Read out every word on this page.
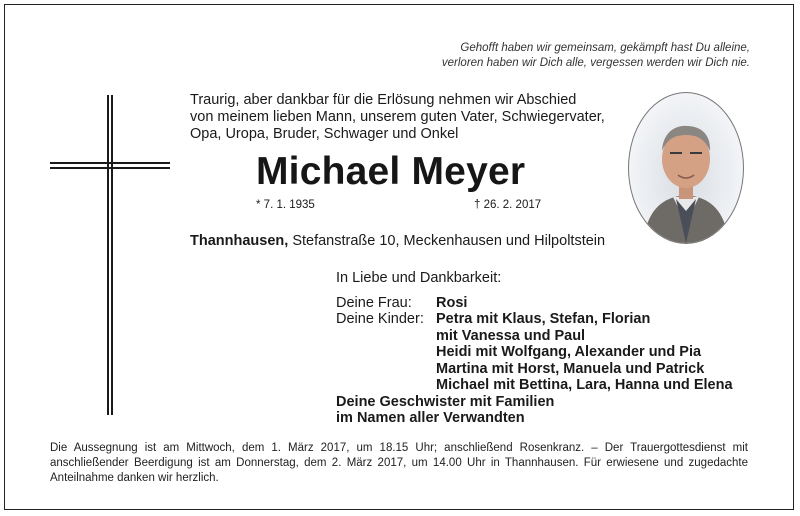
Gehofft haben wir gemeinsam, gekämpft hast Du alleine,
verloren haben wir Dich alle, vergessen werden wir Dich nie.
Traurig, aber dankbar für die Erlösung nehmen wir Abschied
von meinem lieben Mann, unserem guten Vater, Schwiegervater,
Opa, Uropa, Bruder, Schwager und Onkel
Michael Meyer
* 7. 1. 1935	† 26. 2. 2017
Thannhausen, Stefanstraße 10, Meckenhausen und Hilpoltstein
In Liebe und Dankbarkeit:
Deine Frau:	Rosi
Deine Kinder: Petra mit Klaus, Stefan, Florian
mit Vanessa und Paul
Heidi mit Wolfgang, Alexander und Pia
Martina mit Horst, Manuela und Patrick
Michael mit Bettina, Lara, Hanna und Elena
Deine Geschwister mit Familien
im Namen aller Verwandten
Die Aussegnung ist am Mittwoch, dem 1. März 2017, um 18.15 Uhr; anschließend Rosenkranz. – Der Trauergottesdienst mit anschließender Beerdigung ist am Donnerstag, dem 2. März 2017, um 14.00 Uhr in Thannhausen. Für erwiesene und zugedachte Anteilnahme danken wir herzlich.
